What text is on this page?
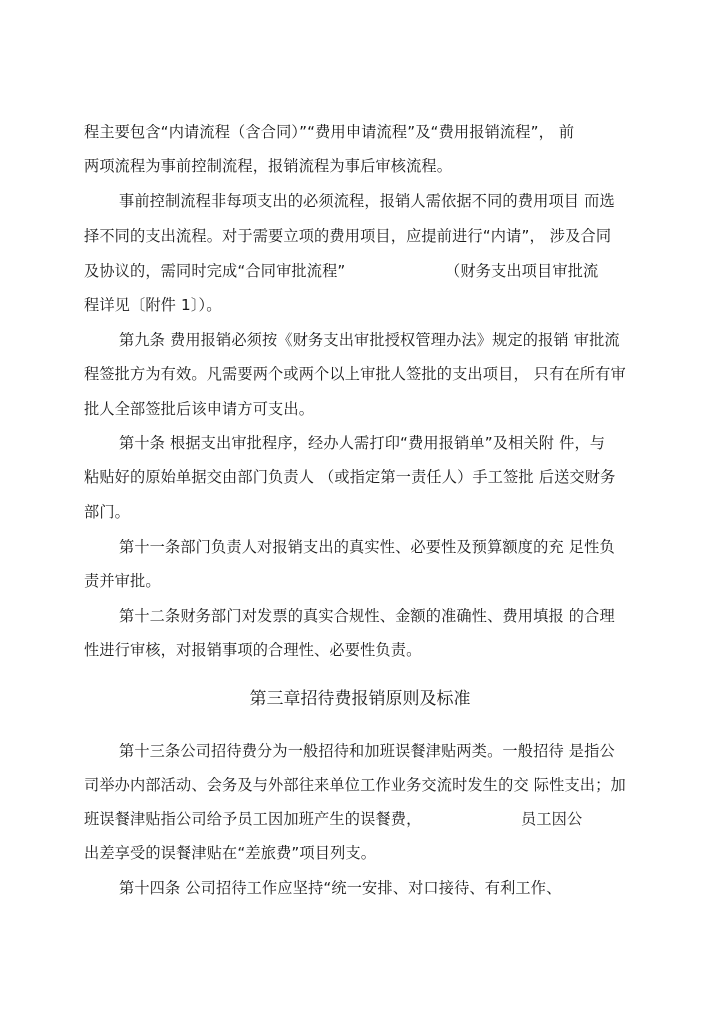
程主要包含“内请流程（含合同）”“费用申请流程”及“费用报销流程”， 前
两项流程为事前控制流程，报销流程为事后审核流程。
事前控制流程非每项支出的必须流程，报销人需依据不同的费用项目 而选
择不同的支出流程。对于需要立项的费用项目，应提前进行“内请”， 涉及合同
及协议的，需同时完成“合同审批流程”                    （财务支出项目审批流
程详见〔附件 1〕）。
第九条 费用报销必须按《财务支出审批授权管理办法》规定的报销 审批流
程签批方为有效。凡需要两个或两个以上审批人签批的支出项目， 只有在所有审
批人全部签批后该申请方可支出。
第十条 根据支出审批程序，经办人需打印“费用报销单”及相关附 件，与
粘贴好的原始单据交由部门负责人 （或指定第一责任人）手工签批 后送交财务
部门。
第十一条部门负责人对报销支出的真实性、必要性及预算额度的充 足性负
责并审批。
第十二条财务部门对发票的真实合规性、金额的准确性、费用填报 的合理
性进行审核，对报销事项的合理性、必要性负责。
第三章招待费报销原则及标准
第十三条公司招待费分为一般招待和加班误餐津贴两类。一般招待 是指公
司举办内部活动、会务及与外部往来单位工作业务交流时发生的交 际性支出；加
班误餐津贴指公司给予员工因加班产生的误餐费，                    员工因公
出差享受的误餐津贴在“差旅费”项目列支。
第十四条 公司招待工作应坚持“统一安排、对口接待、有利工作、
